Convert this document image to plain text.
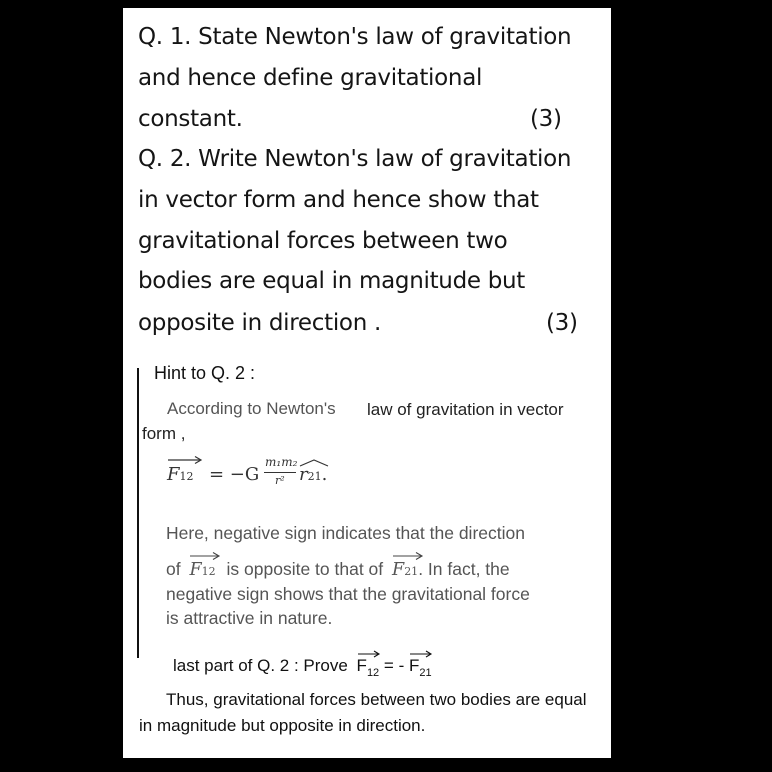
Q. 1. State Newton's law of gravitation
and hence define gravitational
constant.	(3)
Q. 2. Write Newton's law of gravitation
in vector form and hence show that
gravitational forces between two
bodies are equal in magnitude but
opposite in direction .	(3)
Hint to Q. 2 :
According to Newton's law of gravitation in vector
form ,
F12 = −G
m₁m₂
r² r21.
Here, negative sign indicates that the direction
of F12 is opposite to that of F21. In fact, the
negative sign shows that the gravitational force
is attractive in nature.
last part of Q. 2 : Prove $F_{12}$ = - $F_{21}$
Thus, gravitational forces between two bodies are equal
in magnitude but opposite in direction.
